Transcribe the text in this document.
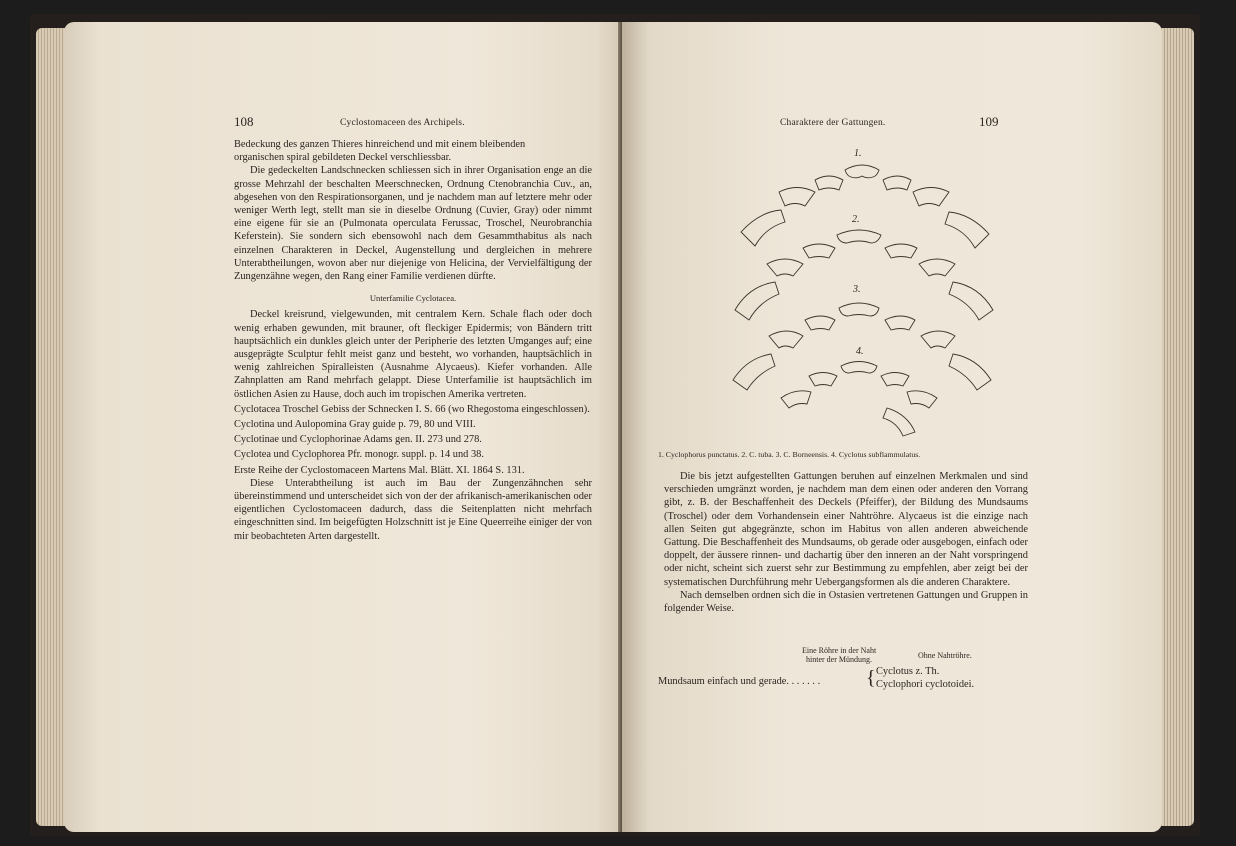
108	Cyclostomaceen des Archipels.

Bedeckung des ganzen Thieres hinreichend und mit einem bleibenden

organischen spiral gebildeten Deckel verschliessbar.

Die gedeckelten Landschnecken schliessen sich in ihrer Organisation enge an die grosse Mehrzahl der beschalten Meerschnecken, Ordnung Ctenobranchia Cuv., an, abgesehen von den Respirationsorganen, und je nachdem man auf letztere mehr oder weniger Werth legt, stellt man sie in dieselbe Ordnung (Cuvier, Gray) oder nimmt eine eigene für sie an (Pulmonata operculata Ferussac, Troschel, Neurobranchia Keferstein). Sie sondern sich ebensowohl nach dem Gesammthabitus als nach einzelnen Charakteren in Deckel, Augenstellung und dergleichen in mehrere Unterabtheilungen, wovon aber nur diejenige von Helicina, der Vervielfältigung der Zungenzähne wegen, den Rang einer Familie verdienen dürfte.

Unterfamilie Cyclotacea.

Deckel kreisrund, vielgewunden, mit centralem Kern. Schale flach oder doch wenig erhaben gewunden, mit brauner, oft fleckiger Epidermis; von Bändern tritt hauptsächlich ein dunkles gleich unter der Peripherie des letzten Umganges auf; eine ausgeprägte Sculptur fehlt meist ganz und besteht, wo vorhanden, hauptsächlich in wenig zahlreichen Spiralleisten (Ausnahme Alycaeus). Kiefer vorhanden. Alle Zahnplatten am Rand mehrfach gelappt. Diese Unterfamilie ist hauptsächlich im östlichen Asien zu Hause, doch auch im tropischen Amerika vertreten.

Cyclotacea Troschel Gebiss der Schnecken I. S. 66 (wo Rhegostoma eingeschlossen).

Cyclotina und Aulopomina Gray guide p. 79, 80 und VIII.

Cyclotinae und Cyclophorinae Adams gen. II. 273 und 278.

Cyclotea und Cyclophorea Pfr. monogr. suppl. p. 14 und 38.

Erste Reihe der Cyclostomaceen Martens Mal. Blätt. XI. 1864 S. 131.

Diese Unterabtheilung ist auch im Bau der Zungenzähnchen sehr übereinstimmend und unterscheidet sich von der der afrikanisch-amerikanischen oder eigentlichen Cyclostomaceen dadurch, dass die Seitenplatten nicht mehrfach eingeschnitten sind. Im beigefügten Holzschnitt ist je Eine Queerreihe einiger der von mir beobachteten Arten dargestellt.

Charaktere der Gattungen.	109
1.
2.
3.
4.
1. Cyclophorus punctatus. 2. C. tuba. 3. C. Borneensis. 4. Cyclotus subflammulatus.

Die bis jetzt aufgestellten Gattungen beruhen auf einzelnen Merkmalen und sind verschieden umgränzt worden, je nachdem man dem einen oder anderen den Vorrang gibt, z. B. der Beschaffenheit des Deckels (Pfeiffer), der Bildung des Mundsaums (Troschel) oder dem Vorhandensein einer Nahtröhre. Alycaeus ist die einzige nach allen Seiten gut abgegränzte, schon im Habitus von allen anderen abweichende Gattung. Die Beschaffenheit des Mundsaums, ob gerade oder ausgebogen, einfach oder doppelt, der äussere rinnen- und dachartig über den inneren an der Naht vorspringend oder nicht, scheint sich zuerst sehr zur Bestimmung zu empfehlen, aber zeigt bei der systematischen Durchführung mehr Uebergangsformen als die anderen Charaktere.

Nach demselben ordnen sich die in Ostasien vertretenen Gattungen und Gruppen in folgender Weise.

Eine Röhre in der Naht
hinter der Mündung.	Ohne Nahtröhre.
Mundsaum einfach und gerade. . . . . . . { Cyclotus z. Th.
Cyclophori cyclotoidei.
